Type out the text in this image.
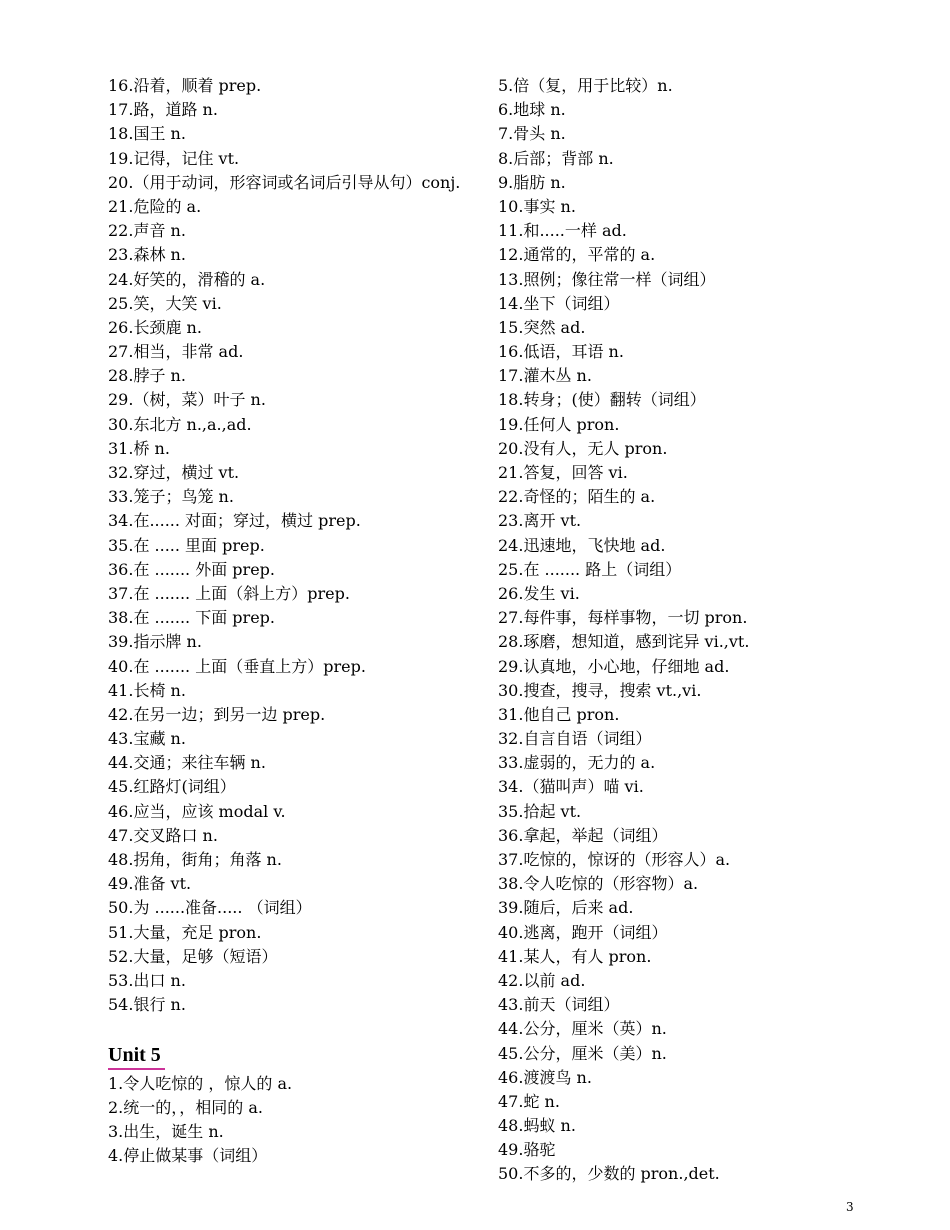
16.沿着，顺着 prep.
17.路，道路 n.
18.国王 n.
19.记得，记住 vt.
20.（用于动词，形容词或名词后引导从句）conj.
21.危险的 a.
22.声音 n.
23.森林 n.
24.好笑的，滑稽的 a.
25.笑，大笑 vi.
26.长颈鹿 n.
27.相当，非常 ad.
28.脖子 n.
29.（树，菜）叶子 n.
30.东北方 n.,a.,ad.
31.桥 n.
32.穿过，横过 vt.
33.笼子；鸟笼 n.
34.在...... 对面；穿过，横过 prep.
35.在 ..... 里面 prep.
36.在 ....... 外面 prep.
37.在 ....... 上面（斜上方）prep.
38.在 ....... 下面 prep.
39.指示牌 n.
40.在 ....... 上面（垂直上方）prep.
41.长椅 n.
42.在另一边；到另一边 prep.
43.宝藏 n.
44.交通；来往车辆 n.
45.红路灯(词组）
46.应当，应该 modal v.
47.交叉路口 n.
48.拐角，街角；角落 n.
49.准备 vt.
50.为 ......准备..... （词组）
51.大量，充足 pron.
52.大量，足够（短语）
53.出口 n.
54.银行 n.
Unit 5
1.令人吃惊的 ，惊人的 a.
2.统一的，，相同的 a.
3.出生，诞生 n.
4.停止做某事（词组）
5.倍（复，用于比较）n.
6.地球 n.
7.骨头 n.
8.后部；背部 n.
9.脂肪 n.
10.事实 n.
11.和.....一样 ad.
12.通常的，平常的 a.
13.照例；像往常一样（词组）
14.坐下（词组）
15.突然 ad.
16.低语，耳语 n.
17.灌木丛 n.
18.转身；(使）翻转（词组）
19.任何人 pron.
20.没有人，无人 pron.
21.答复，回答 vi.
22.奇怪的；陌生的 a.
23.离开 vt.
24.迅速地，飞快地 ad.
25.在 ....... 路上（词组）
26.发生 vi.
27.每件事，每样事物，一切 pron.
28.琢磨，想知道，感到诧异 vi.,vt.
29.认真地，小心地，仔细地 ad.
30.搜查，搜寻，搜索 vt.,vi.
31.他自己 pron.
32.自言自语（词组）
33.虚弱的，无力的 a.
34.（猫叫声）喵 vi.
35.拾起 vt.
36.拿起，举起（词组）
37.吃惊的，惊讶的（形容人）a.
38.令人吃惊的（形容物）a.
39.随后，后来 ad.
40.逃离，跑开（词组）
41.某人，有人 pron.
42.以前 ad.
43.前天（词组）
44.公分，厘米（英）n.
45.公分，厘米（美）n.
46.渡渡鸟 n.
47.蛇 n.
48.蚂蚁 n.
49.骆驼
50.不多的，少数的 pron.,det.
3
